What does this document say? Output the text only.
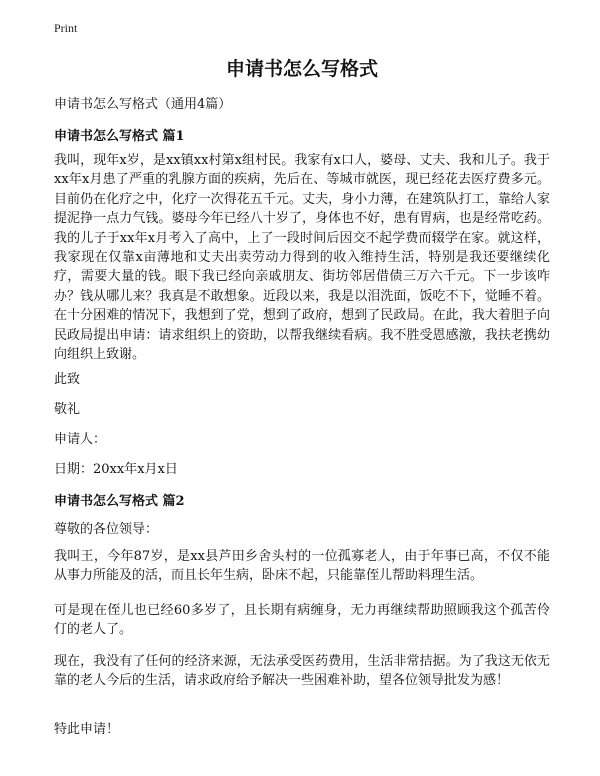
Print
申请书怎么写格式

申请书怎么写格式（通用4篇）

申请书怎么写格式 篇1

我叫，现年x岁，是xx镇xx村第x组村民。我家有x口人，婆母、丈夫、我和儿子。我于xx年x月患了严重的乳腺方面的疾病，先后在、等城市就医，现已经花去医疗费多元。目前仍在化疗之中，化疗一次得花五千元。丈夫，身小力薄，在建筑队打工，靠给人家提泥挣一点力气钱。婆母今年已经八十岁了，身体也不好，患有胃病，也是经常吃药。我的儿子于xx年x月考入了高中，上了一段时间后因交不起学费而辍学在家。就这样，我家现在仅靠x亩薄地和丈夫出卖劳动力得到的收入维持生活，特别是我还要继续化疗，需要大量的钱。眼下我已经向亲戚朋友、街坊邻居借债三万六千元。下一步该咋办？钱从哪儿来？我真是不敢想象。近段以来，我是以泪洗面，饭吃不下，觉睡不着。在十分困难的情况下，我想到了党，想到了政府，想到了民政局。在此，我大着胆子向民政局提出申请：请求组织上的资助，以帮我继续看病。我不胜受恩感激，我扶老携幼向组织上致谢。

此致

敬礼

申请人：

日期：20xx年x月x日

申请书怎么写格式 篇2

尊敬的各位领导：

我叫王，今年87岁，是xx县芦田乡舍头村的一位孤寡老人，由于年事已高，不仅不能从事力所能及的活，而且长年生病，卧床不起，只能靠侄儿帮助料理生活。

可是现在侄儿也已经60多岁了，且长期有病缠身，无力再继续帮助照顾我这个孤苦伶仃的老人了。

现在，我没有了任何的经济来源，无法承受医药费用，生活非常拮据。为了我这无依无靠的老人今后的生活，请求政府给予解决一些困难补助，望各位领导批发为感！

特此申请！
